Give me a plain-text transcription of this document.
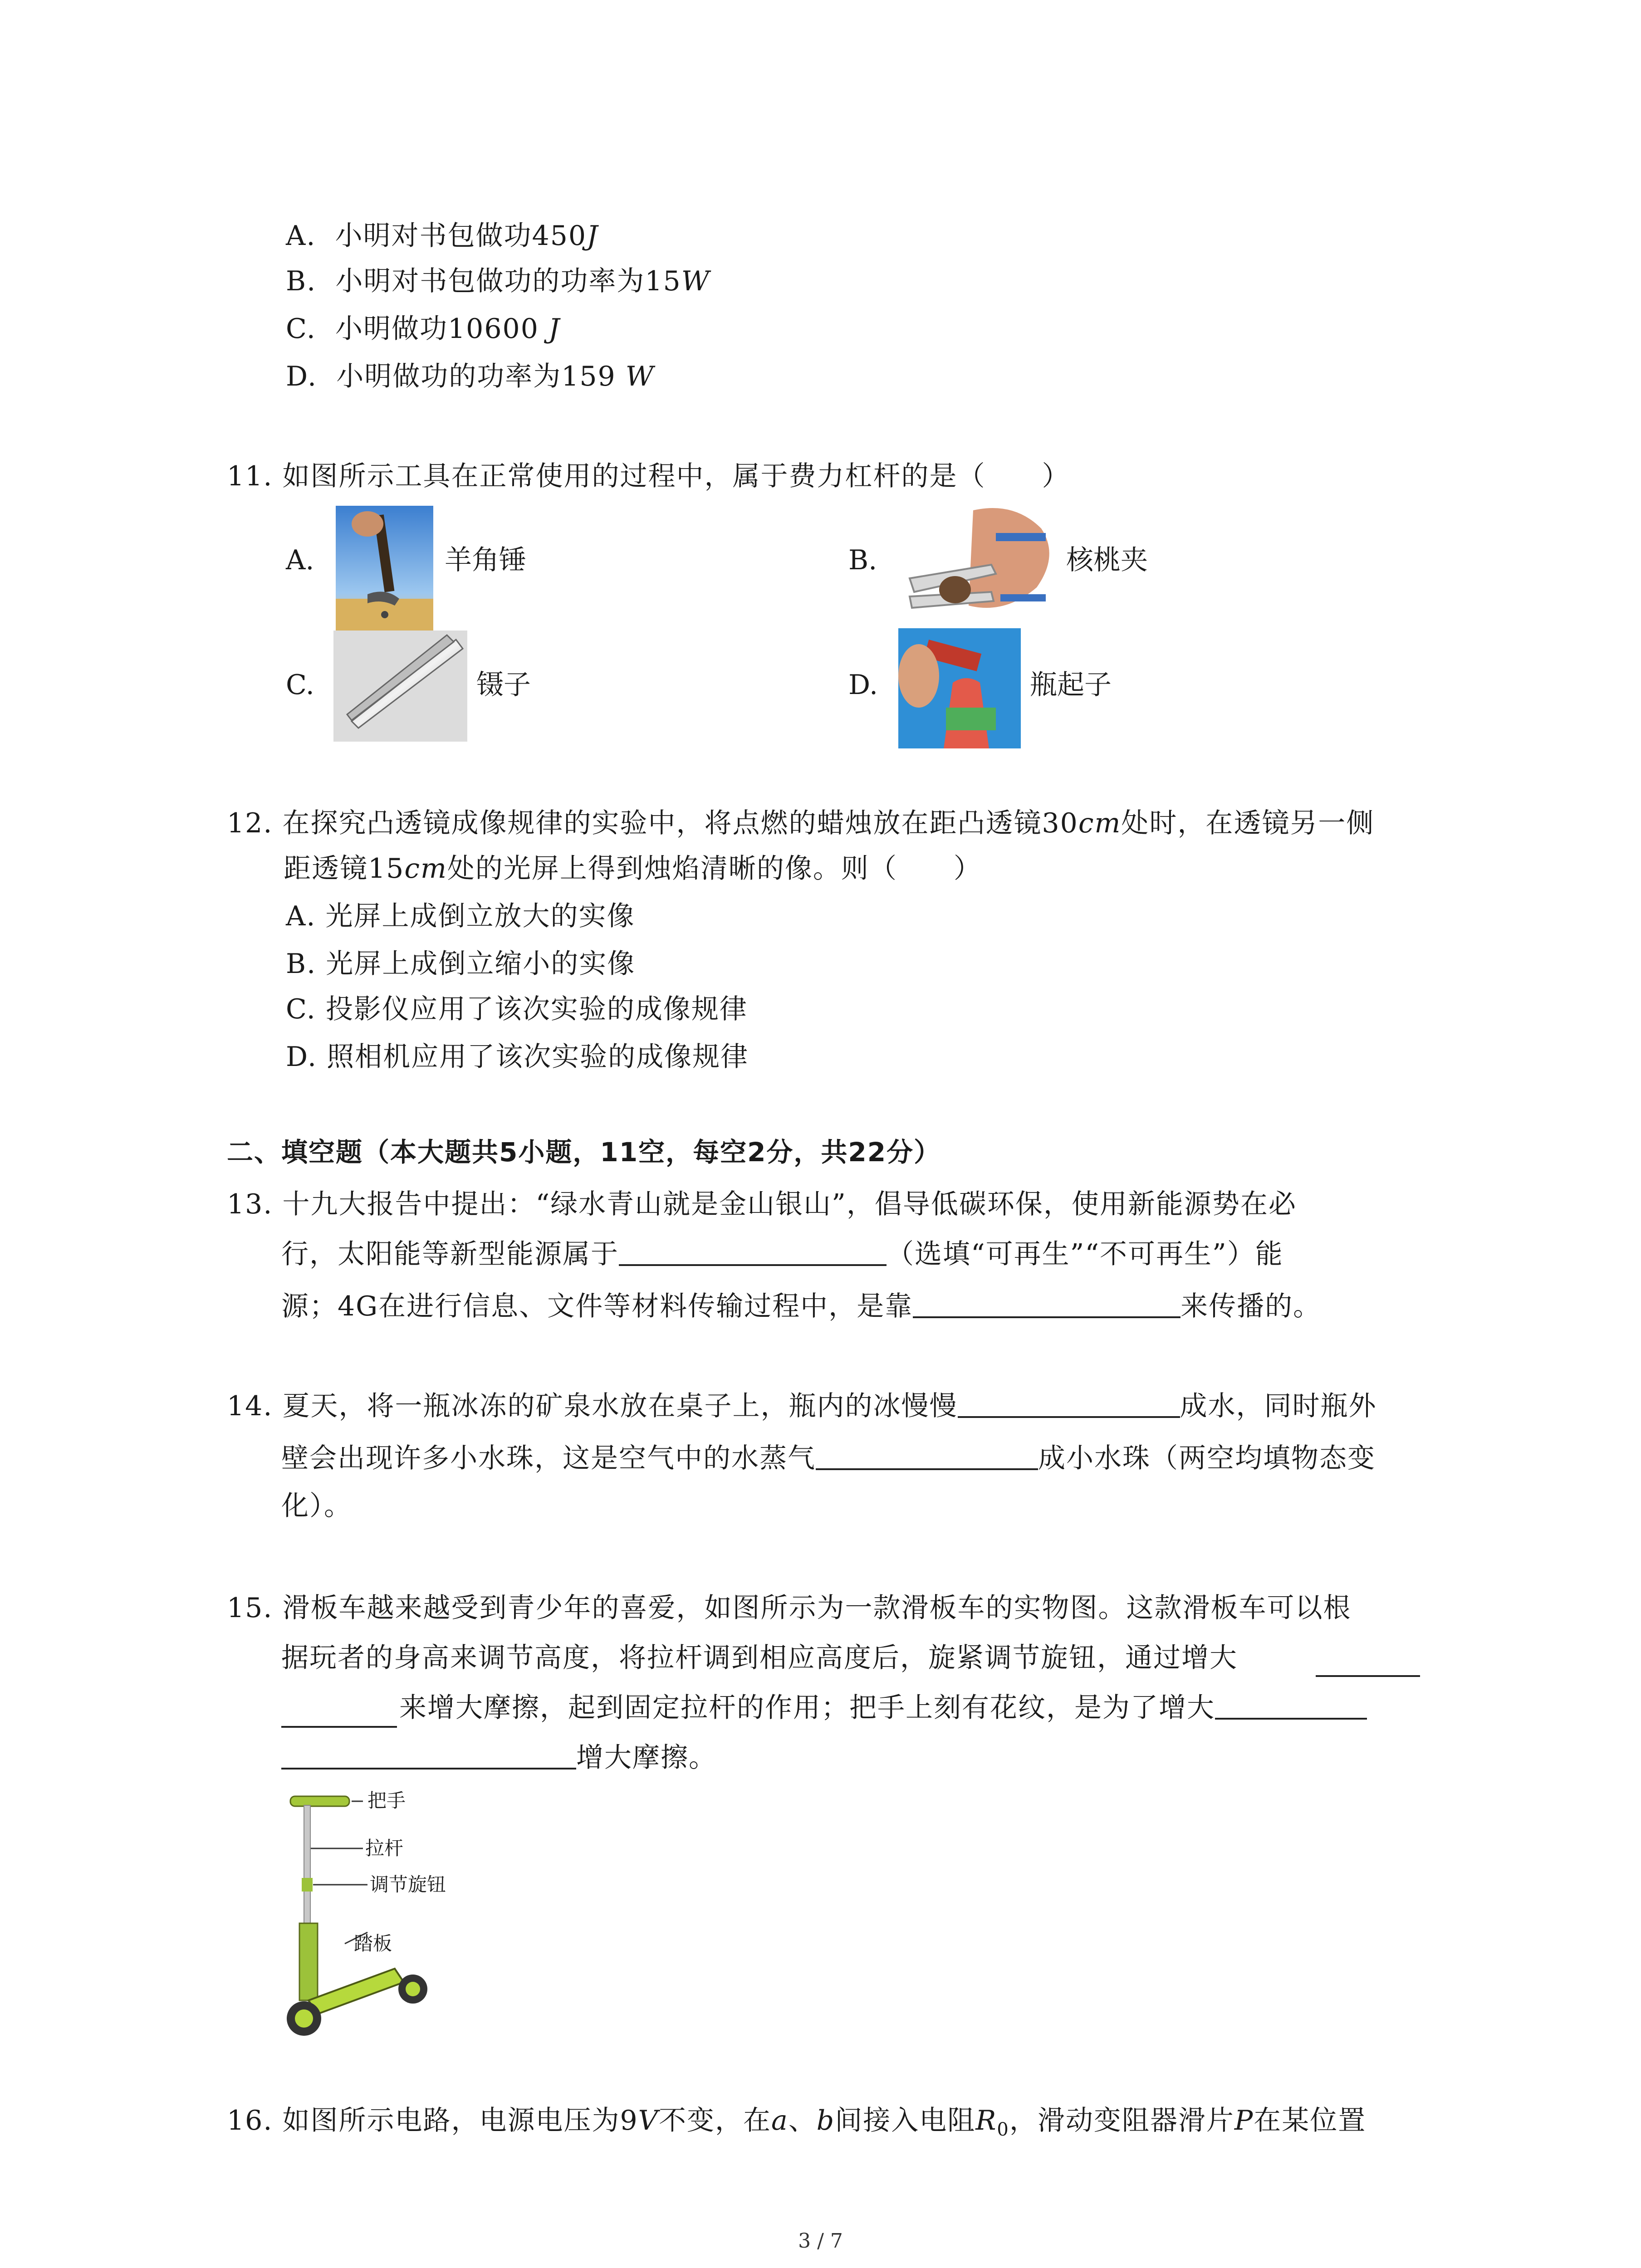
A. 小明对书包做功450J
B. 小明对书包做功的功率为15W
C. 小明做功10600 J
D. 小明做功的功率为159 W
11. 如图所示工具在正常使用的过程中，属于费力杠杆的是（　　）
A.	羊角锤	B.	核桃夹
C.	镊子	D.	瓶起子
12. 在探究凸透镜成像规律的实验中，将点燃的蜡烛放在距凸透镜30cm处时，在透镜另一侧
距透镜15cm处的光屏上得到烛焰清晰的像。则（　　）
A. 光屏上成倒立放大的实像
B. 光屏上成倒立缩小的实像
C. 投影仪应用了该次实验的成像规律
D. 照相机应用了该次实验的成像规律
二、填空题（本大题共5小题，11空，每空2分，共22分）
13. 十九大报告中提出：“绿水青山就是金山银山”，倡导低碳环保，使用新能源势在必
行，太阳能等新型能源属于	（选填“可再生”“不可再生”）能
源；4G在进行信息、文件等材料传输过程中，是靠	来传播的。
14. 夏天，将一瓶冰冻的矿泉水放在桌子上，瓶内的冰慢慢	成水，同时瓶外
壁会出现许多小水珠，这是空气中的水蒸气	成小水珠（两空均填物态变
化）。
15. 滑板车越来越受到青少年的喜爱，如图所示为一款滑板车的实物图。这款滑板车可以根
据玩者的身高来调节高度，将拉杆调到相应高度后，旋紧调节旋钮，通过增大
来增大摩擦，起到固定拉杆的作用；把手上刻有花纹，是为了增大
增大摩擦。
把手
拉杆
调节旋钮
踏板
16. 如图所示电路，电源电压为9V不变，在a、b间接入电阻$R_0$，滑动变阻器滑片P在某位置
3 / 7
